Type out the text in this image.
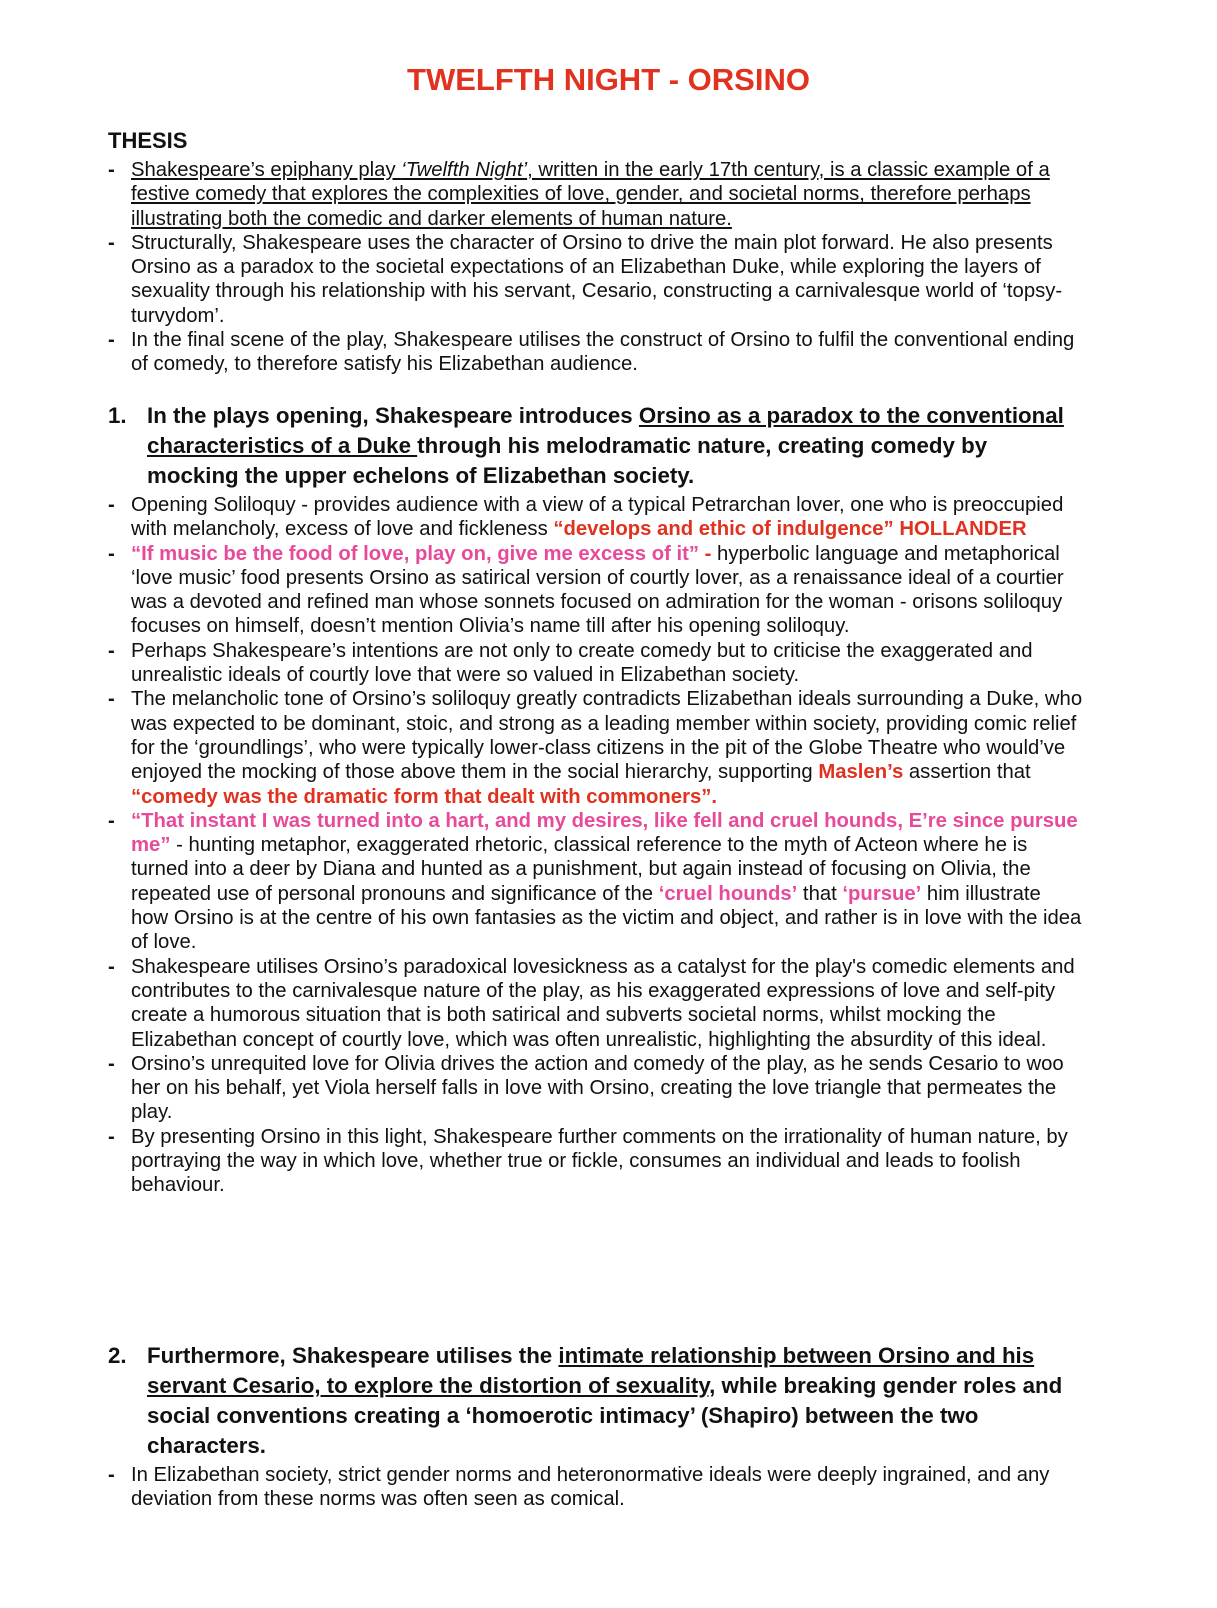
TWELFTH NIGHT - ORSINO
THESIS
- Shakespeare’s epiphany play ‘Twelfth Night’, written in the early 17th century, is a classic example of a festive comedy that explores the complexities of love, gender, and societal norms, therefore perhaps illustrating both the comedic and darker elements of human nature.
- Structurally, Shakespeare uses the character of Orsino to drive the main plot forward. He also presents Orsino as a paradox to the societal expectations of an Elizabethan Duke, while exploring the layers of sexuality through his relationship with his servant, Cesario, constructing a carnivalesque world of ‘topsy-turvydom’.
- In the final scene of the play, Shakespeare utilises the construct of Orsino to fulfil the conventional ending of comedy, to therefore satisfy his Elizabethan audience.
1. In the plays opening, Shakespeare introduces Orsino as a paradox to the conventional characteristics of a Duke through his melodramatic nature, creating comedy by mocking the upper echelons of Elizabethan society.
- Opening Soliloquy - provides audience with a view of a typical Petrarchan lover, one who is preoccupied with melancholy, excess of love and fickleness “develops and ethic of indulgence” HOLLANDER
- “If music be the food of love, play on, give me excess of it” - hyperbolic language and metaphorical ‘love music’ food presents Orsino as satirical version of courtly lover, as a renaissance ideal of a courtier was a devoted and refined man whose sonnets focused on admiration for the woman - orisons soliloquy focuses on himself, doesn’t mention Olivia’s name till after his opening soliloquy.
- Perhaps Shakespeare’s intentions are not only to create comedy but to criticise the exaggerated and unrealistic ideals of courtly love that were so valued in Elizabethan society.
- The melancholic tone of Orsino’s soliloquy greatly contradicts Elizabethan ideals surrounding a Duke, who was expected to be dominant, stoic, and strong as a leading member within society, providing comic relief for the ‘groundlings’, who were typically lower-class citizens in the pit of the Globe Theatre who would’ve enjoyed the mocking of those above them in the social hierarchy, supporting Maslen’s assertion that “comedy was the dramatic form that dealt with commoners”.
- “That instant I was turned into a hart, and my desires, like fell and cruel hounds, E’re since pursue me” - hunting metaphor, exaggerated rhetoric, classical reference to the myth of Acteon where he is turned into a deer by Diana and hunted as a punishment, but again instead of focusing on Olivia, the repeated use of personal pronouns and significance of the ‘cruel hounds’ that ‘pursue’ him illustrate how Orsino is at the centre of his own fantasies as the victim and object, and rather is in love with the idea of love.
- Shakespeare utilises Orsino’s paradoxical lovesickness as a catalyst for the play's comedic elements and contributes to the carnivalesque nature of the play, as his exaggerated expressions of love and self-pity create a humorous situation that is both satirical and subverts societal norms, whilst mocking the Elizabethan concept of courtly love, which was often unrealistic, highlighting the absurdity of this ideal.
- Orsino’s unrequited love for Olivia drives the action and comedy of the play, as he sends Cesario to woo her on his behalf, yet Viola herself falls in love with Orsino, creating the love triangle that permeates the play.
- By presenting Orsino in this light, Shakespeare further comments on the irrationality of human nature, by portraying the way in which love, whether true or fickle, consumes an individual and leads to foolish behaviour.
2. Furthermore, Shakespeare utilises the intimate relationship between Orsino and his servant Cesario, to explore the distortion of sexuality, while breaking gender roles and social conventions creating a ‘homoerotic intimacy’ (Shapiro) between the two characters.
- In Elizabethan society, strict gender norms and heteronormative ideals were deeply ingrained, and any deviation from these norms was often seen as comical.
